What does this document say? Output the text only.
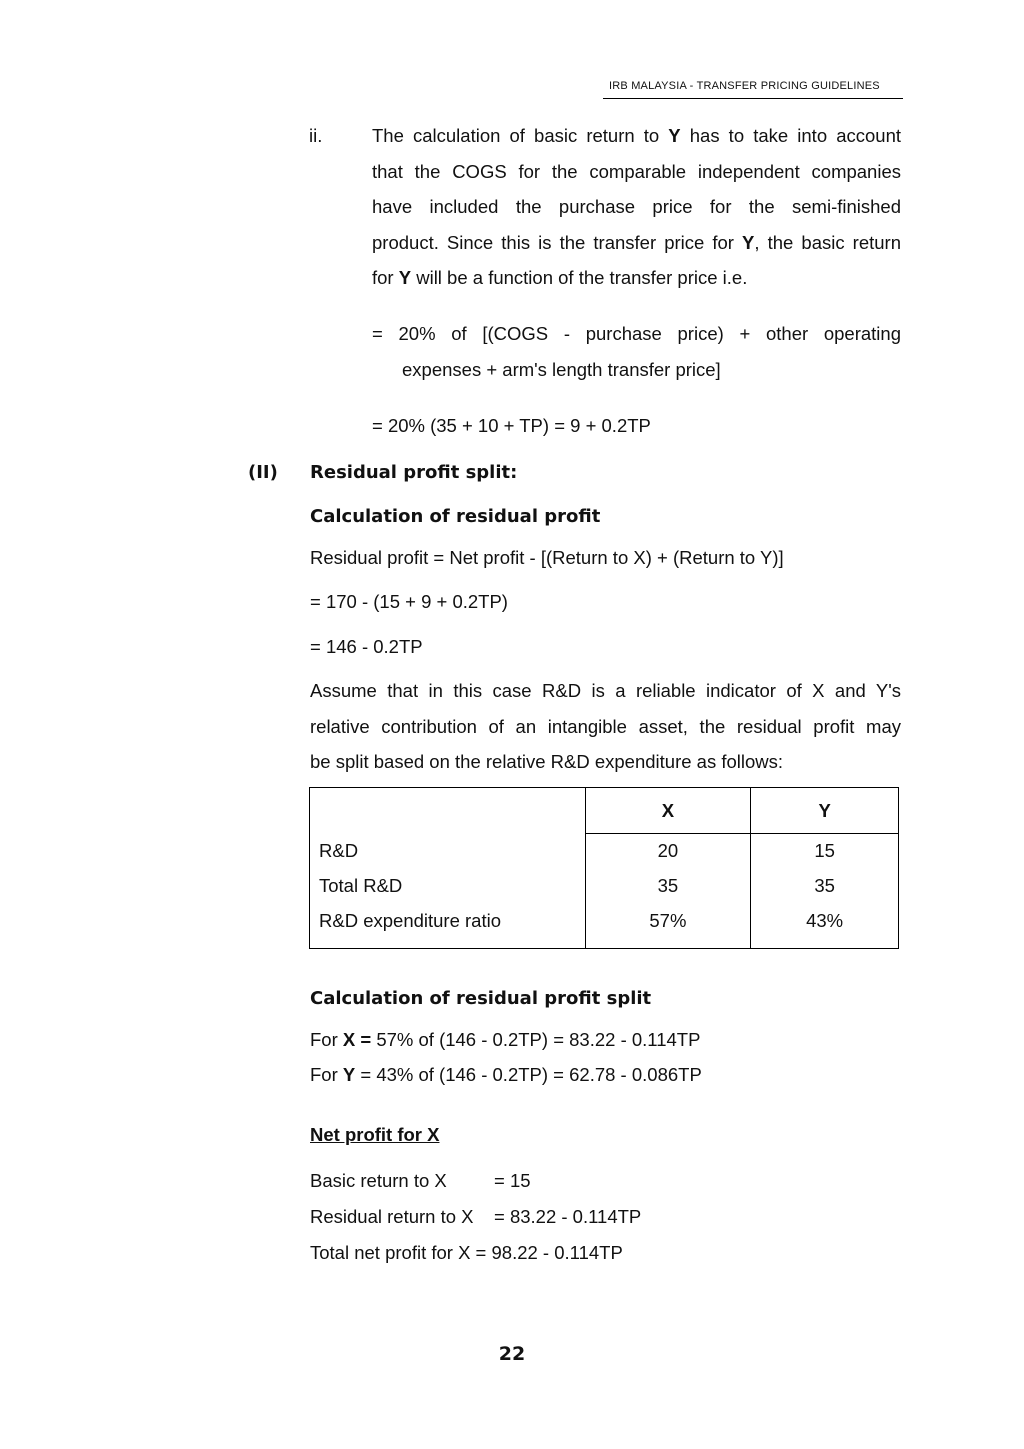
IRB MALAYSIA - TRANSFER PRICING GUIDELINES
ii.	The calculation of basic return to Y has to take into account
that the COGS for the comparable independent companies
have included the purchase price for the semi-finished
product. Since this is the transfer price for Y, the basic return
for Y will be a function of the transfer price i.e.
= 20% of [(COGS - purchase price) + other operating
expenses + arm's length transfer price]
= 20% (35 + 10 + TP) = 9 + 0.2TP
(II) Residual profit split:
Calculation of residual profit
Residual profit = Net profit - [(Return to X) + (Return to Y)]
= 170 - (15 + 9 + 0.2TP)
= 146 - 0.2TP
Assume that in this case R&D is a reliable indicator of X and Y's
relative contribution of an intangible asset, the residual profit may
be split based on the relative R&D expenditure as follows:
	X	Y
R&D	20	15
Total R&D	35	35
R&D expenditure ratio	57%	43%
Calculation of residual profit split
For X = 57% of (146 - 0.2TP) = 83.22 - 0.114TP
For Y = 43% of (146 - 0.2TP) = 62.78 - 0.086TP
Net profit for X
Basic return to X	= 15
Residual return to X = 83.22 - 0.114TP
Total net profit for X = 98.22 - 0.114TP
22
